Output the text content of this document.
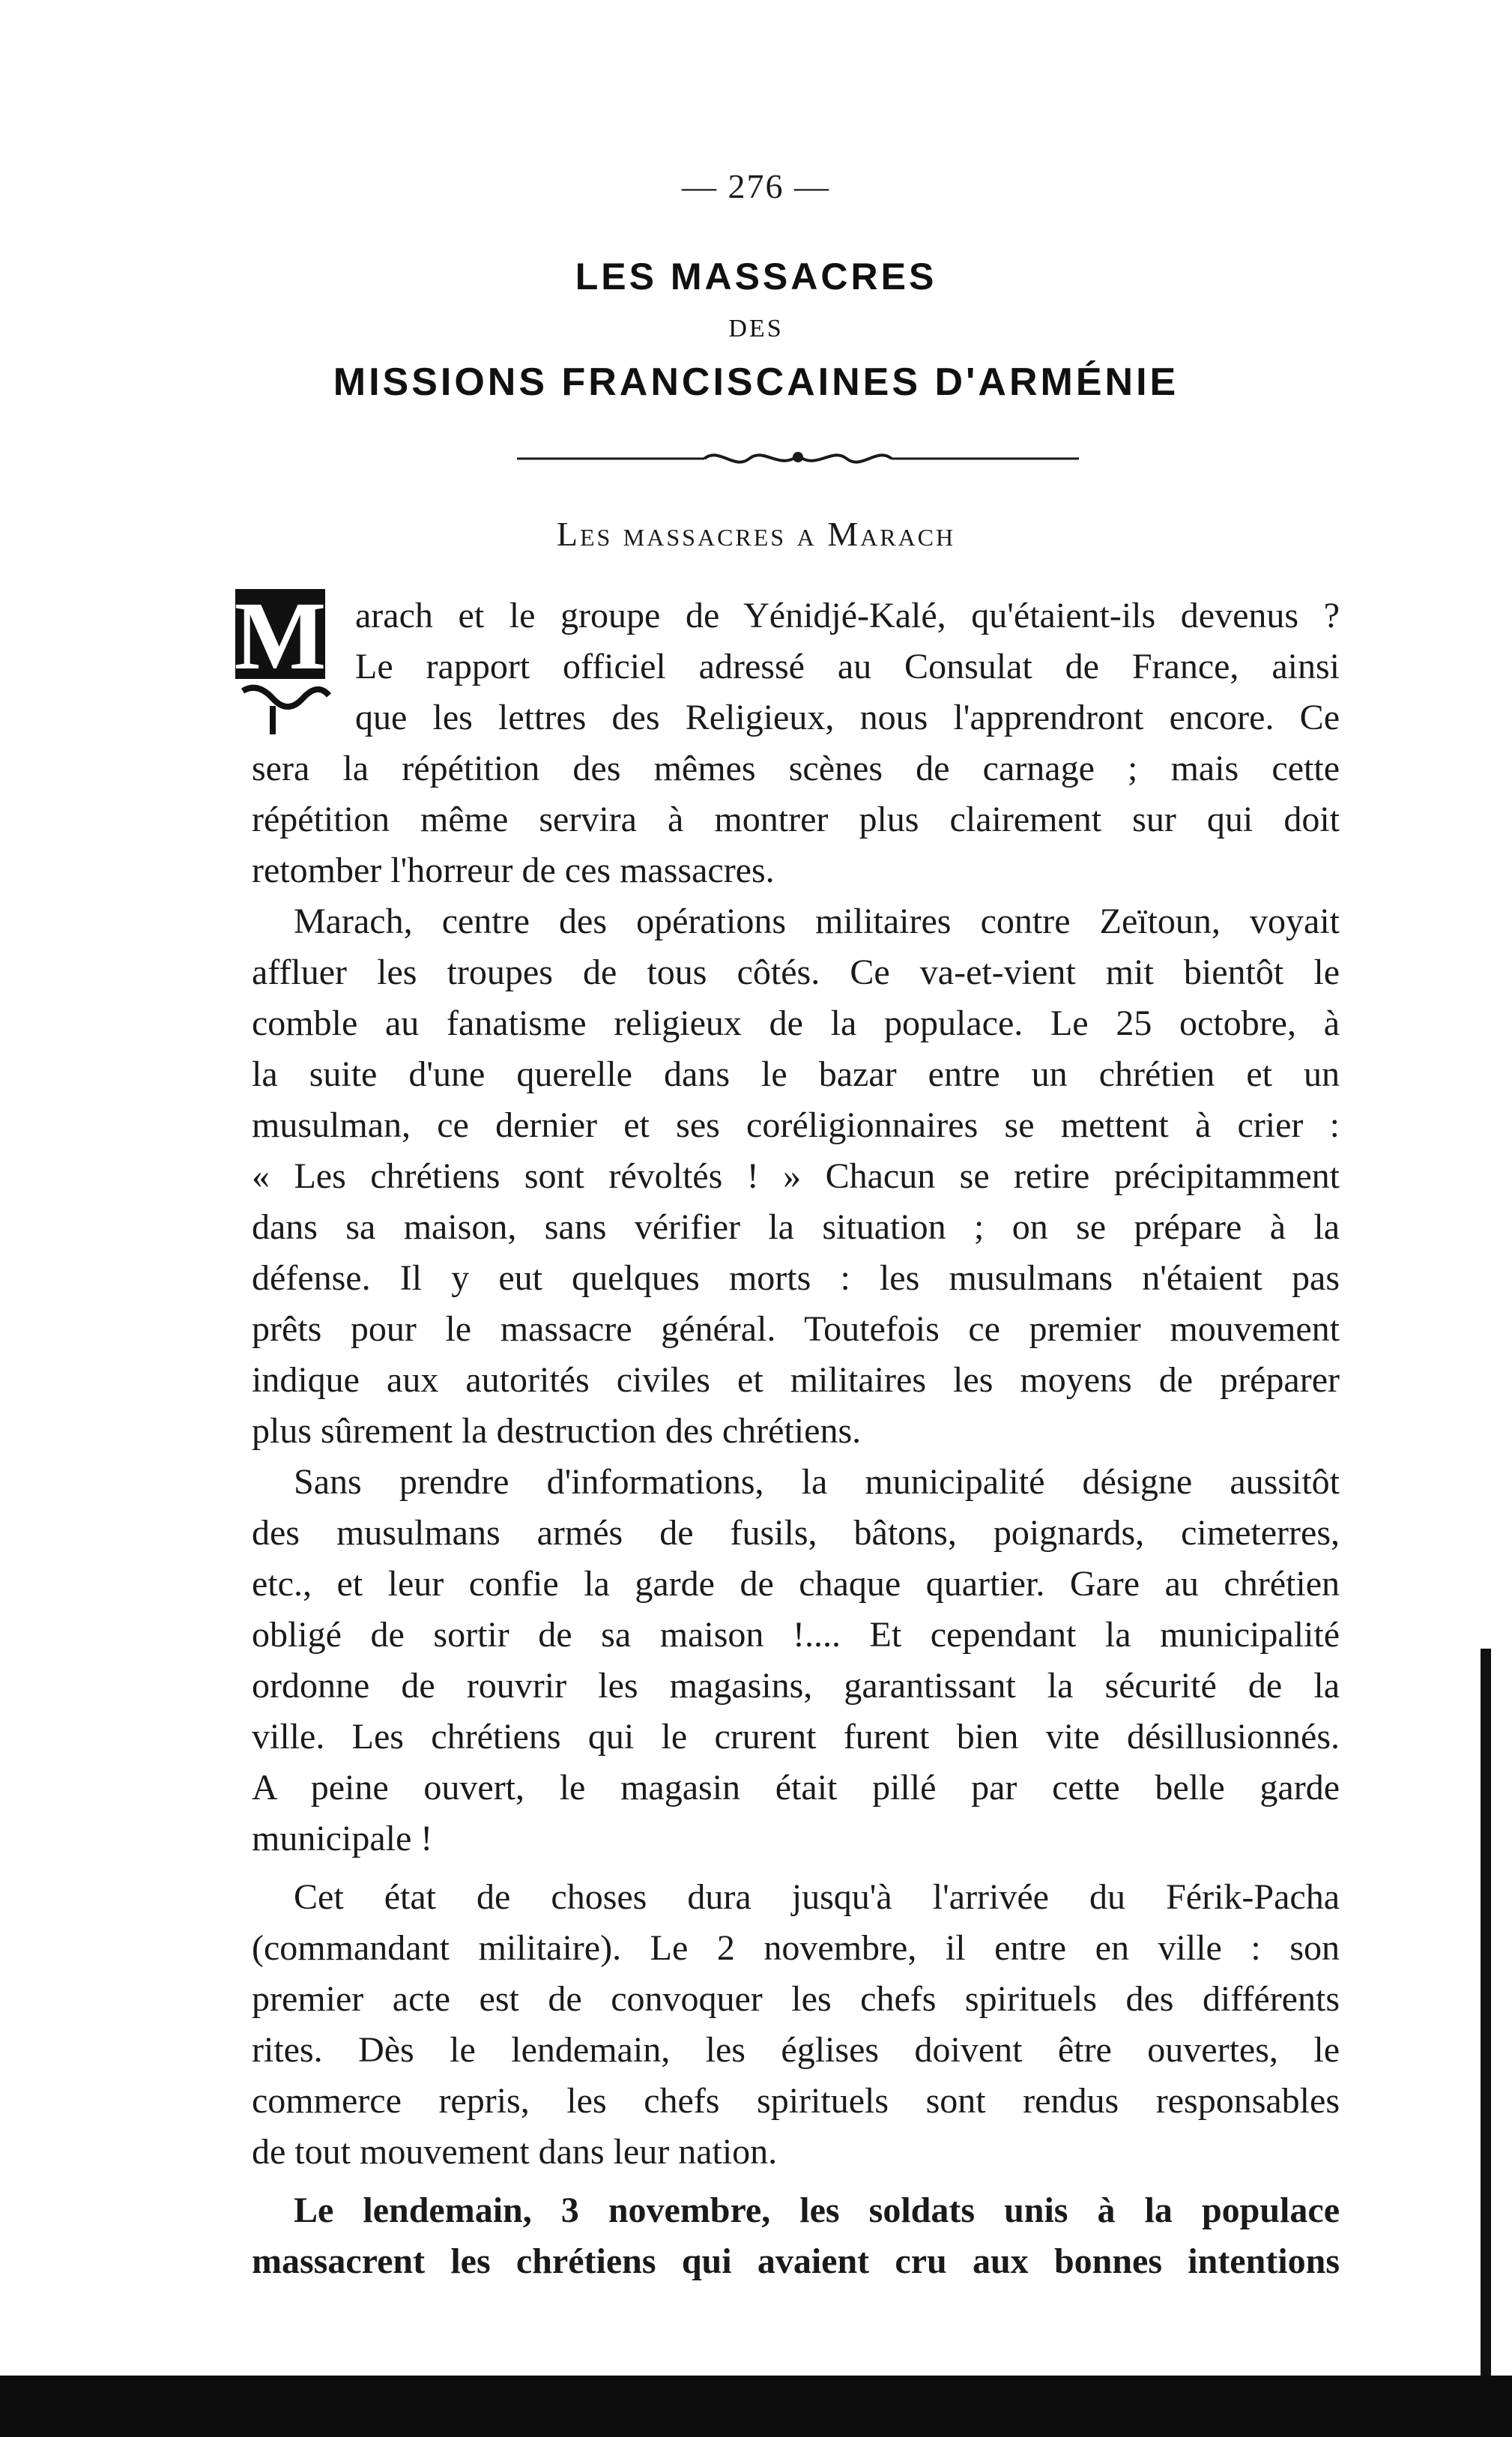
— 276 —
LES MASSACRES
DES
MISSIONS FRANCISCAINES D'ARMÉNIE
Les massacres a Marach
M arach et le groupe de Yénidjé-Kalé, qu'étaient-ils devenus ?
Le rapport officiel adressé au Consulat de France, ainsi
que les lettres des Religieux, nous l'apprendront encore. Ce
sera la répétition des mêmes scènes de carnage ; mais cette
répétition même servira à montrer plus clairement sur qui doit
retomber l'horreur de ces massacres.
Marach, centre des opérations militaires contre Zeïtoun, voyait
affluer les troupes de tous côtés. Ce va-et-vient mit bientôt le
comble au fanatisme religieux de la populace. Le 25 octobre, à
la suite d'une querelle dans le bazar entre un chrétien et un
musulman, ce dernier et ses coréligionnaires se mettent à crier :
« Les chrétiens sont révoltés ! » Chacun se retire précipitamment
dans sa maison, sans vérifier la situation ; on se prépare à la
défense. Il y eut quelques morts : les musulmans n'étaient pas
prêts pour le massacre général. Toutefois ce premier mouvement
indique aux autorités civiles et militaires les moyens de préparer
plus sûrement la destruction des chrétiens.
Sans prendre d'informations, la municipalité désigne aussitôt
des musulmans armés de fusils, bâtons, poignards, cimeterres,
etc., et leur confie la garde de chaque quartier. Gare au chrétien
obligé de sortir de sa maison !.... Et cependant la municipalité
ordonne de rouvrir les magasins, garantissant la sécurité de la
ville. Les chrétiens qui le crurent furent bien vite désillusionnés.
A peine ouvert, le magasin était pillé par cette belle garde
municipale !
Cet état de choses dura jusqu'à l'arrivée du Férik-Pacha
(commandant militaire). Le 2 novembre, il entre en ville : son
premier acte est de convoquer les chefs spirituels des différents
rites. Dès le lendemain, les églises doivent être ouvertes, le
commerce repris, les chefs spirituels sont rendus responsables
de tout mouvement dans leur nation.
Le lendemain, 3 novembre, les soldats unis à la populace
massacrent les chrétiens qui avaient cru aux bonnes intentions
